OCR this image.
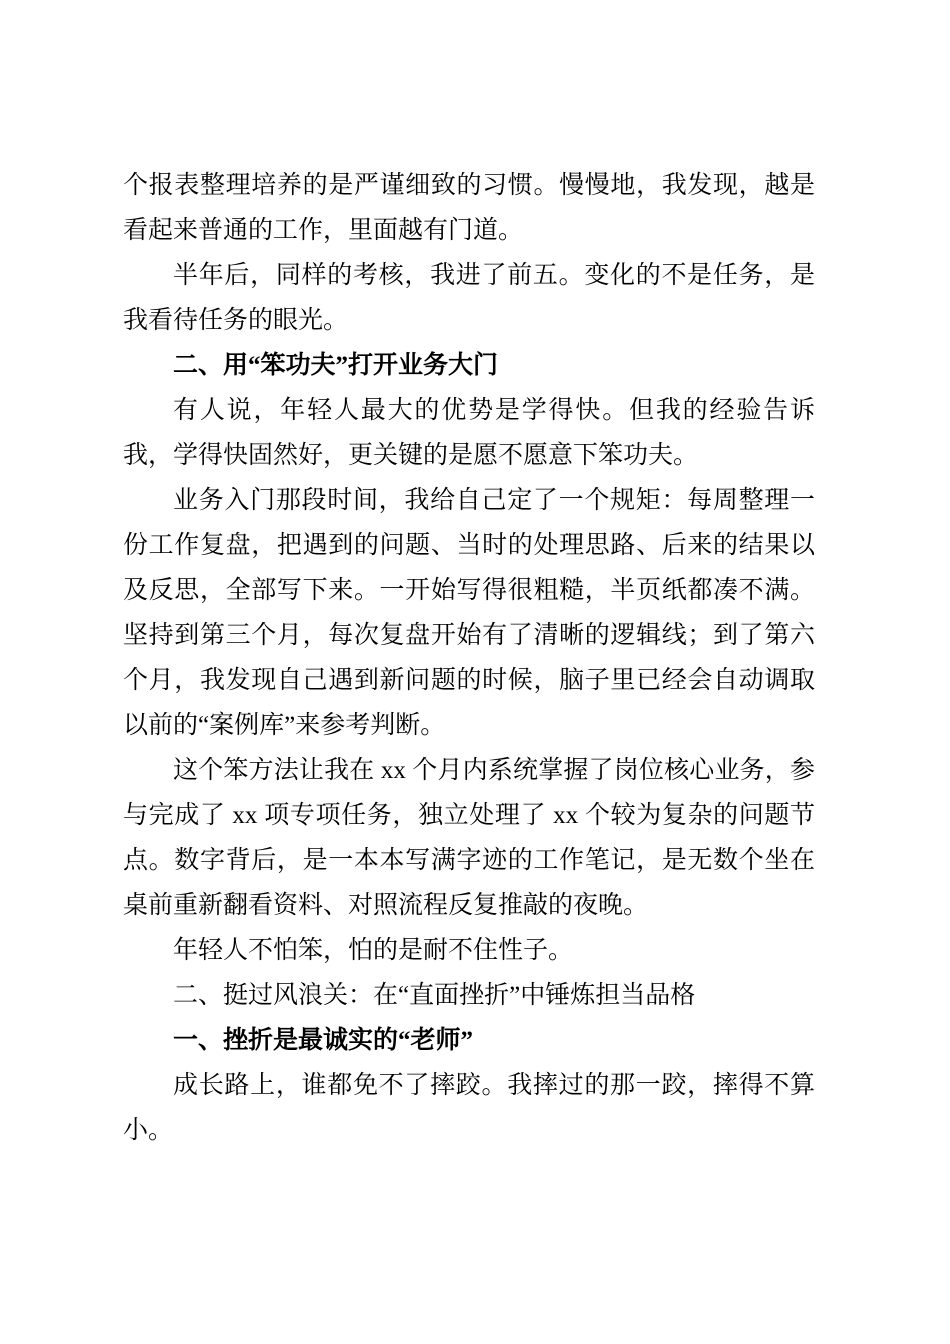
个报表整理培养的是严谨细致的习惯。慢慢地，我发现，越是看起来普通的工作，里面越有门道。

半年后，同样的考核，我进了前五。变化的不是任务，是我看待任务的眼光。

二、用“笨功夫”打开业务大门

有人说，年轻人最大的优势是学得快。但我的经验告诉我，学得快固然好，更关键的是愿不愿意下笨功夫。

业务入门那段时间，我给自己定了一个规矩：每周整理一份工作复盘，把遇到的问题、当时的处理思路、后来的结果以及反思，全部写下来。一开始写得很粗糙，半页纸都凑不满。坚持到第三个月，每次复盘开始有了清晰的逻辑线；到了第六个月，我发现自己遇到新问题的时候，脑子里已经会自动调取以前的“案例库”来参考判断。

这个笨方法让我在 xx 个月内系统掌握了岗位核心业务，参与完成了 xx 项专项任务，独立处理了 xx 个较为复杂的问题节点。数字背后，是一本本写满字迹的工作笔记，是无数个坐在桌前重新翻看资料、对照流程反复推敲的夜晚。

年轻人不怕笨，怕的是耐不住性子。

二、挺过风浪关：在“直面挫折”中锤炼担当品格

一、挫折是最诚实的“老师”

成长路上，谁都免不了摔跤。我摔过的那一跤，摔得不算小。
